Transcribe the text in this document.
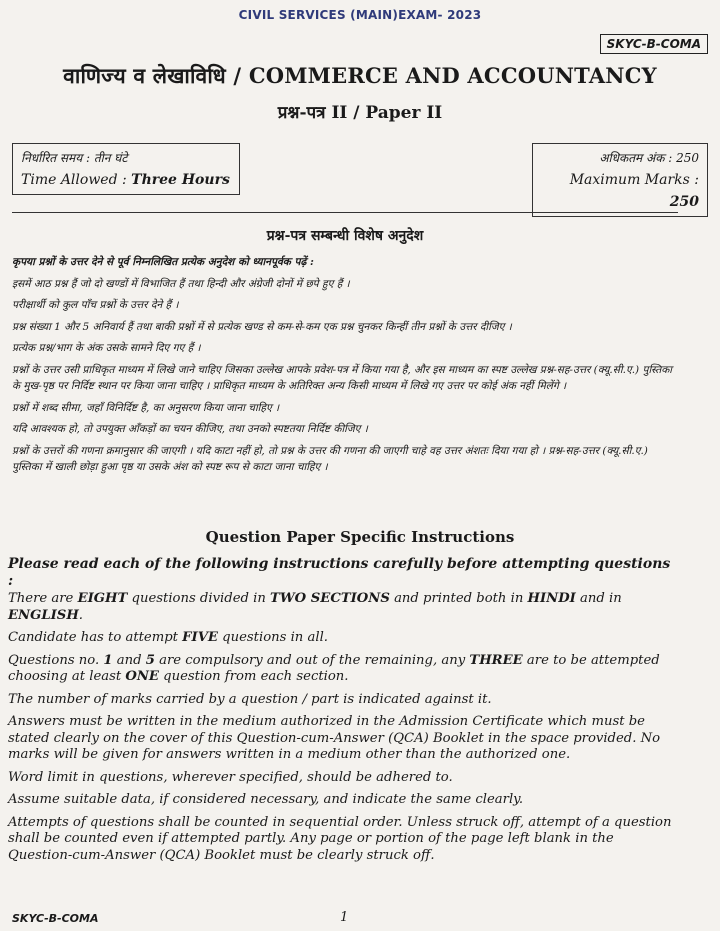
CIVIL SERVICES (MAIN)EXAM- 2023
SKYC-B-COMA
वाणिज्य व लेखाविधि / COMMERCE AND ACCOUNTANCY
प्रश्न-पत्र II / Paper II
निर्धारित समय : तीन घंटे
Time Allowed : Three Hours
अधिकतम अंक : 250
Maximum Marks : 250
प्रश्न-पत्र सम्बन्धी विशेष अनुदेश

कृपया प्रश्नों के उत्तर देने से पूर्व निम्नलिखित प्रत्येक अनुदेश को ध्यानपूर्वक पढ़ें :

इसमें आठ प्रश्न हैं जो दो खण्डों में विभाजित हैं तथा हिन्दी और अंग्रेजी दोनों में छपे हुए हैं ।

परीक्षार्थी को कुल पाँच प्रश्नों के उत्तर देने हैं ।

प्रश्न संख्या 1 और 5 अनिवार्य हैं तथा बाकी प्रश्नों में से प्रत्येक खण्ड से कम-से-कम एक प्रश्न चुनकर किन्हीं तीन प्रश्नों के उत्तर दीजिए ।

प्रत्येक प्रश्न/भाग के अंक उसके सामने दिए गए हैं ।

प्रश्नों के उत्तर उसी प्राधिकृत माध्यम में लिखे जाने चाहिए जिसका उल्लेख आपके प्रवेश-पत्र में किया गया है, और इस माध्यम का स्पष्ट उल्लेख प्रश्न-सह-उत्तर (क्यू.सी.ए.) पुस्तिका के मुख-पृष्ठ पर निर्दिष्ट स्थान पर किया जाना चाहिए । प्राधिकृत माध्यम के अतिरिक्त अन्य किसी माध्यम में लिखे गए उत्तर पर कोई अंक नहीं मिलेंगे ।

प्रश्नों में शब्द सीमा, जहाँ विनिर्दिष्ट है, का अनुसरण किया जाना चाहिए ।

यदि आवश्यक हो, तो उपयुक्त आँकड़ों का चयन कीजिए, तथा उनको स्पष्टतया निर्दिष्ट कीजिए ।

प्रश्नों के उत्तरों की गणना क्रमानुसार की जाएगी । यदि काटा नहीं हो, तो प्रश्न के उत्तर की गणना की जाएगी चाहे वह उत्तर अंशतः दिया गया हो । प्रश्न-सह-उत्तर (क्यू.सी.ए.) पुस्तिका में खाली छोड़ा हुआ पृष्ठ या उसके अंश को स्पष्ट रूप से काटा जाना चाहिए ।

Question Paper Specific Instructions

Please read each of the following instructions carefully before attempting questions :

There are EIGHT questions divided in TWO SECTIONS and printed both in HINDI and in ENGLISH.

Candidate has to attempt FIVE questions in all.

Questions no. 1 and 5 are compulsory and out of the remaining, any THREE are to be attempted choosing at least ONE question from each section.

The number of marks carried by a question / part is indicated against it.

Answers must be written in the medium authorized in the Admission Certificate which must be stated clearly on the cover of this Question-cum-Answer (QCA) Booklet in the space provided. No marks will be given for answers written in a medium other than the authorized one.

Word limit in questions, wherever specified, should be adhered to.

Assume suitable data, if considered necessary, and indicate the same clearly.

Attempts of questions shall be counted in sequential order. Unless struck off, attempt of a question shall be counted even if attempted partly. Any page or portion of the page left blank in the Question-cum-Answer (QCA) Booklet must be clearly struck off.

SKYC-B-COMA	1
